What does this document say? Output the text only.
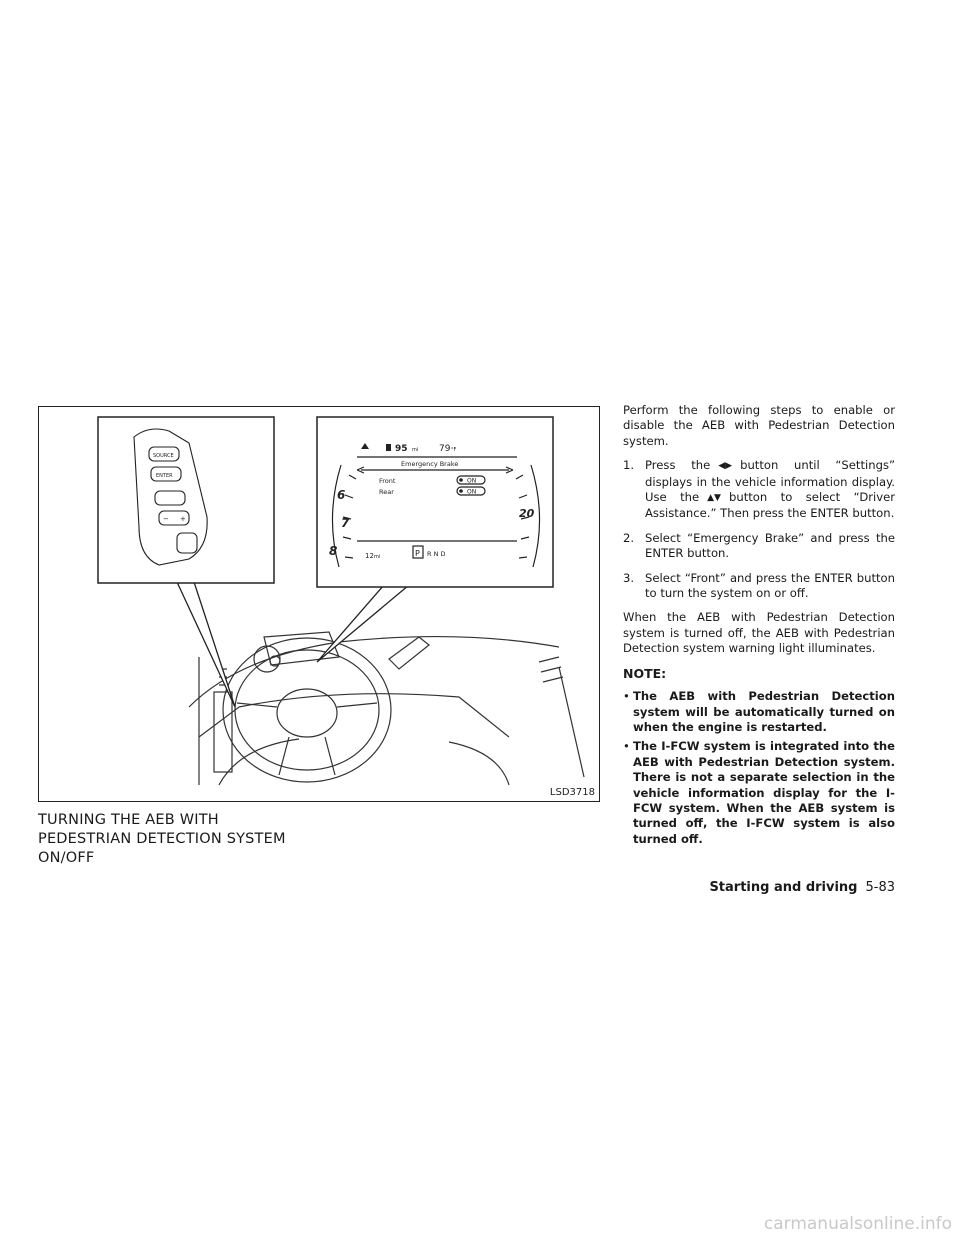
SOURCE
ENTER
− +
95 mi 79 °F
Emergency Brake
Front
Rear
ON
ON
12 mi	P R N D
6
7
8
20
LSD3718
TURNING THE AEB WITH
PEDESTRIAN DETECTION SYSTEM
ON/OFF

Perform the following steps to enable or disable the AEB with Pedestrian Detection system.

1. Press the ◀▶ button until “Settings” displays in the vehicle information display. Use the ▲▼ button to select “Driver Assistance.” Then press the ENTER button.
2. Select “Emergency Brake” and press the ENTER button.
3. Select “Front” and press the ENTER button to turn the system on or off.

When the AEB with Pedestrian Detection system is turned off, the AEB with Pedestrian Detection system warning light illuminates.

NOTE:
• The AEB with Pedestrian Detection system will be automatically turned on when the engine is restarted.
• The I-FCW system is integrated into the AEB with Pedestrian Detection system. There is not a separate selection in the vehicle information display for the I-FCW system. When the AEB system is turned off, the I-FCW system is also turned off.
Starting and driving 5-83
carmanualsonline.info
